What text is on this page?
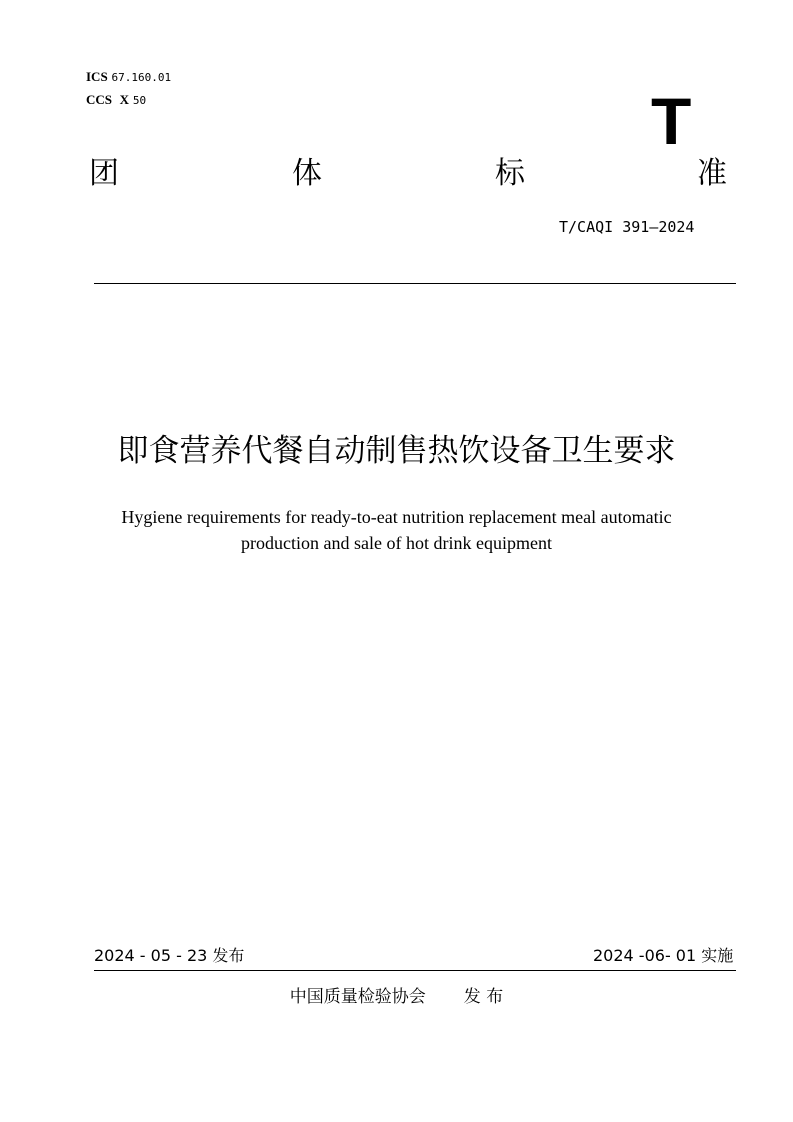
ICS 67.160.01
CCS X 50	T
团	体	标	准
T/CAQI 391—2024
即食营养代餐自动制售热饮设备卫生要求
Hygiene requirements for ready-to-eat nutrition replacement meal automatic
production and sale of hot drink equipment
2024 - 05 - 23 发布	2024 -06- 01 实施
中国质量检验协会 发 布
